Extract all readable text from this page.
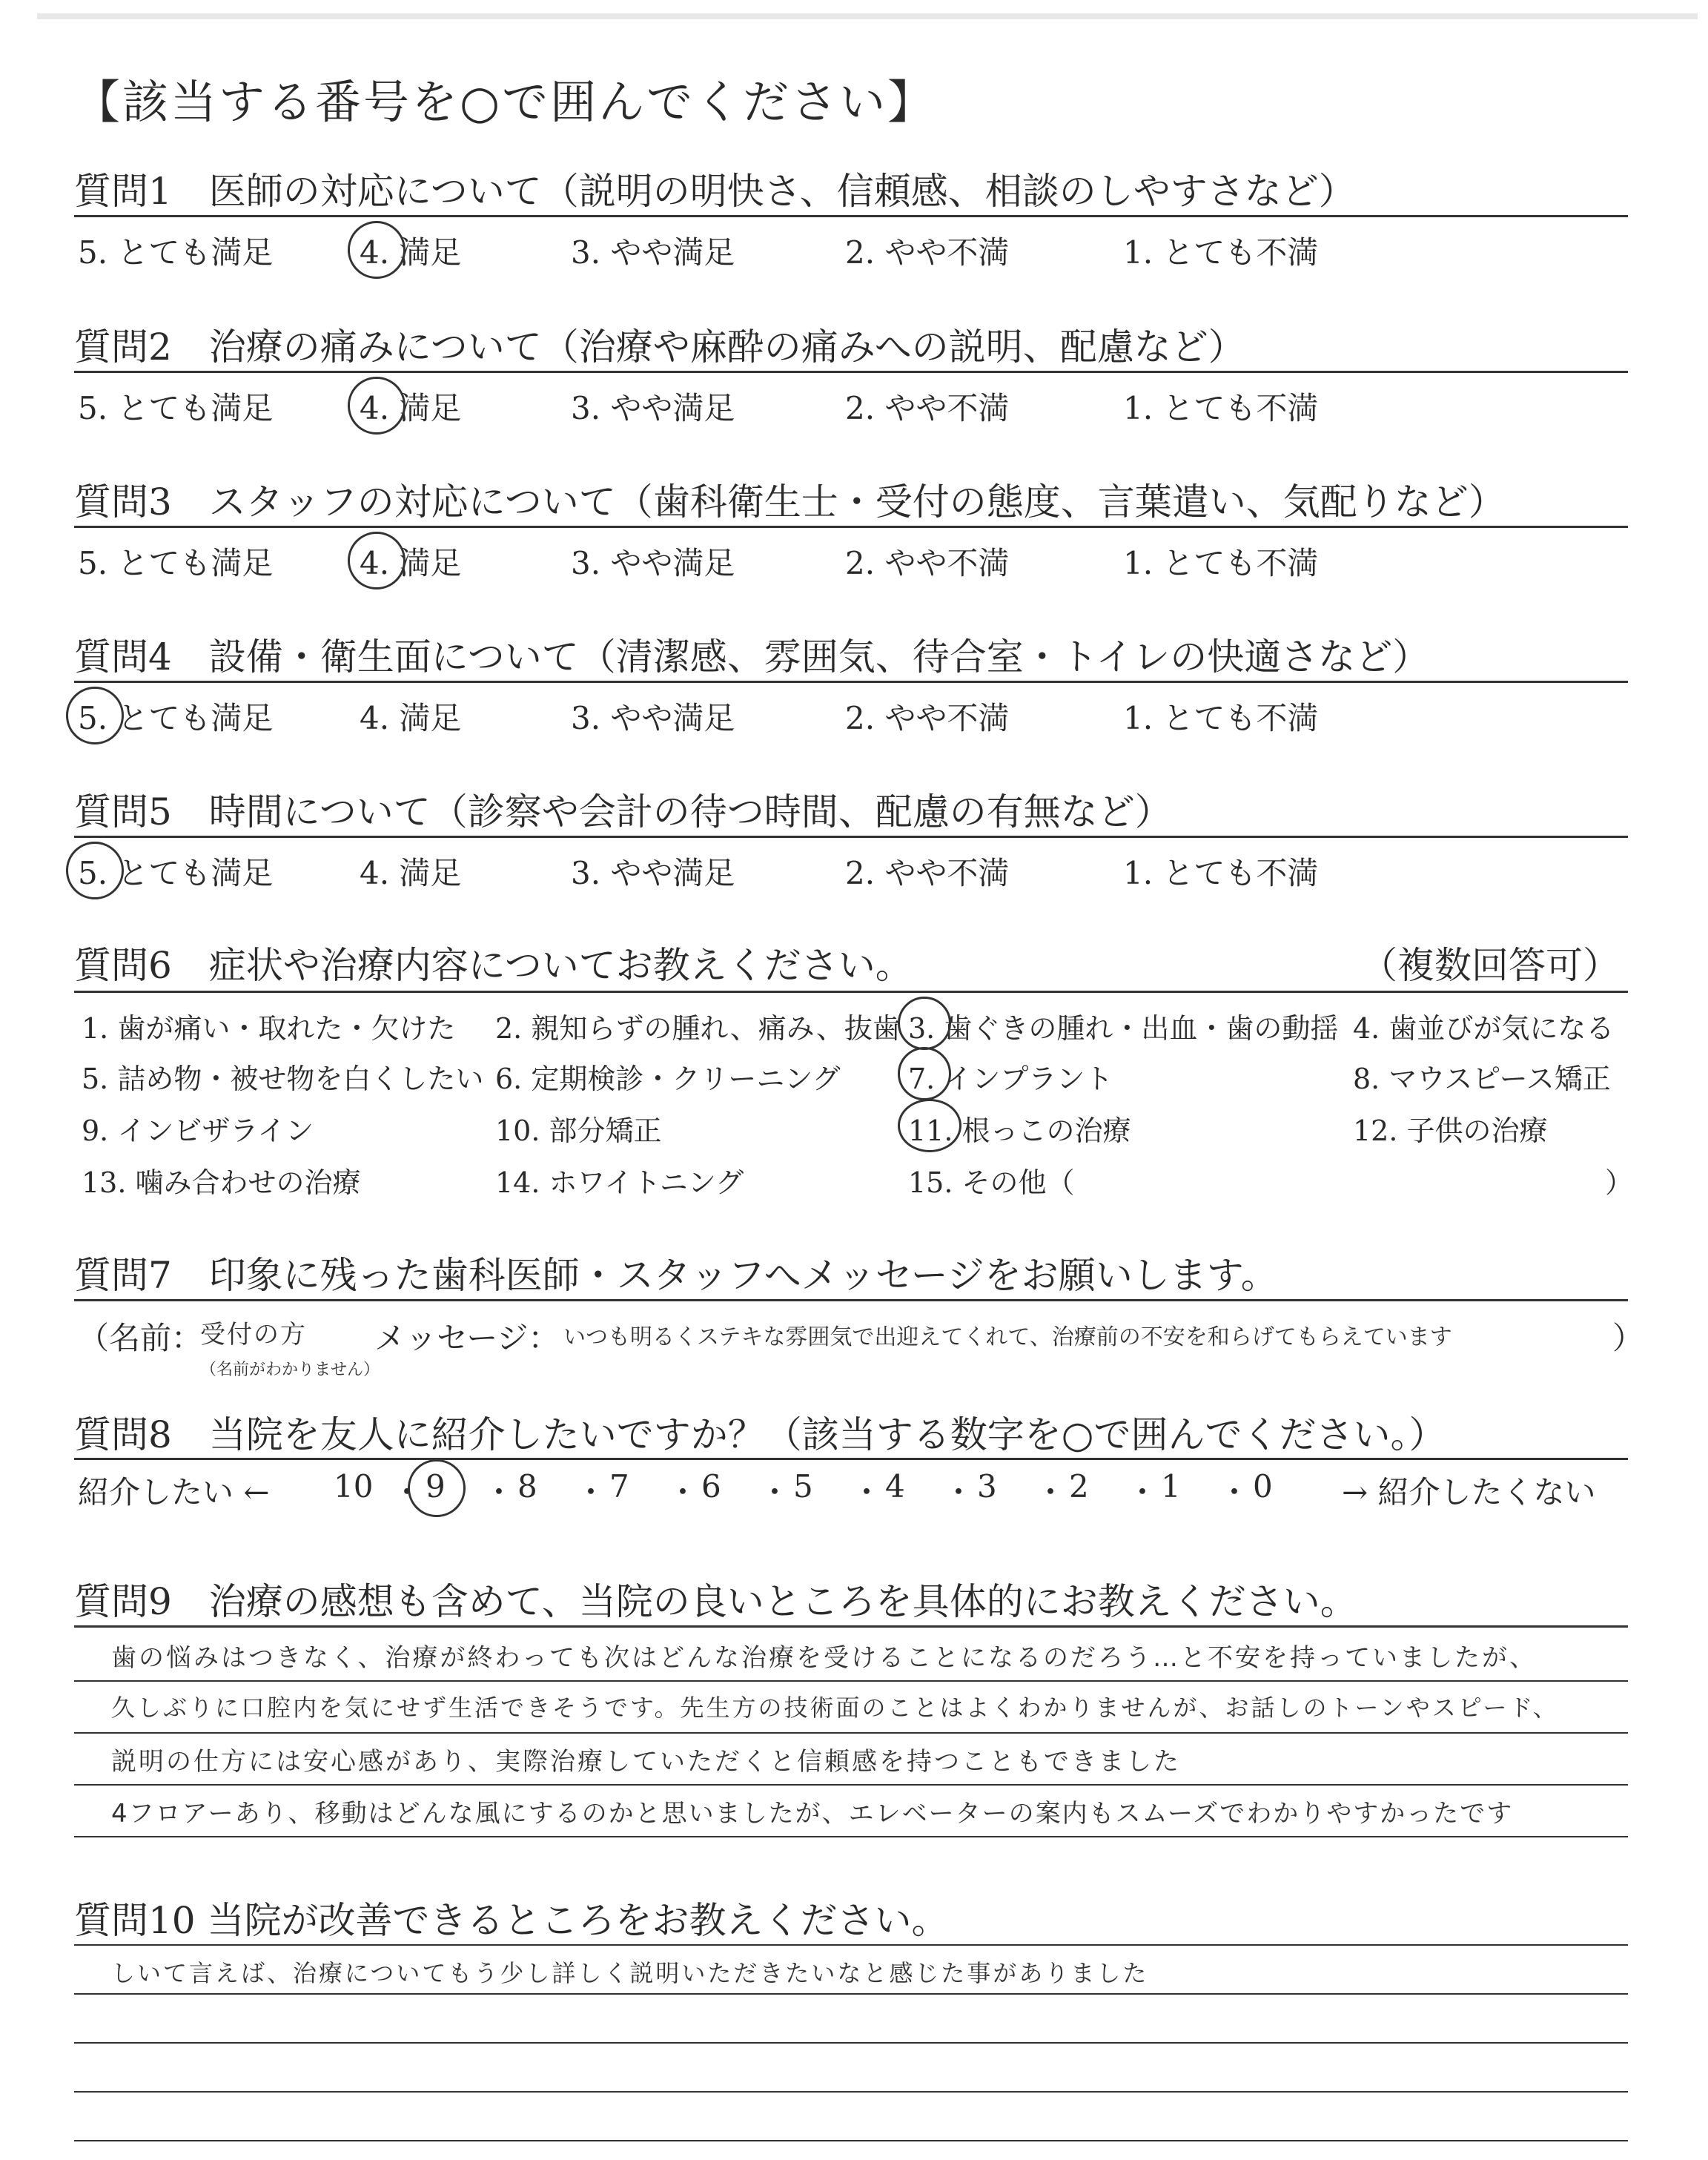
【該当する番号を○で囲んでください】
質問1　医師の対応について（説明の明快さ、信頼感、相談のしやすさなど）
5. とても満足	4. 満足	3. やや満足	2. やや不満	1. とても不満
質問2　治療の痛みについて（治療や麻酔の痛みへの説明、配慮など）
5. とても満足	4. 満足	3. やや満足	2. やや不満	1. とても不満
質問3　スタッフの対応について（歯科衛生士・受付の態度、言葉遣い、気配りなど）
5. とても満足	4. 満足	3. やや満足	2. やや不満	1. とても不満
質問4　設備・衛生面について（清潔感、雰囲気、待合室・トイレの快適さなど）
5. とても満足	4. 満足	3. やや満足	2. やや不満	1. とても不満
質問5　時間について（診察や会計の待つ時間、配慮の有無など）
5. とても満足	4. 満足	3. やや満足	2. やや不満	1. とても不満
質問6　症状や治療内容についてお教えください。	（複数回答可）
1. 歯が痛い・取れた・欠けた 2. 親知らずの腫れ、痛み、抜歯 3. 歯ぐきの腫れ・出血・歯の動揺 4. 歯並びが気になる
5. 詰め物・被せ物を白くしたい 6. 定期検診・クリーニング 7. インプラント	8. マウスピース矯正
9. インビザライン	10. 部分矯正	11. 根っこの治療	12. 子供の治療
13. 噛み合わせの治療	14. ホワイトニング	15. その他（	）
質問7　印象に残った歯科医師・スタッフへメッセージをお願いします。
（名前：
受付の方
（名前がわかりません）
メッセージ： いつも明るくステキな雰囲気で出迎えてくれて、治療前の不安を和らげてもらえています	）
質問8　当院を友人に紹介したいですか？（該当する数字を○で囲んでください。）
紹介したい ← 10 ・ 9 ・ 8 ・ 7 ・ 6 ・ 5 ・ 4 ・ 3 ・ 2 ・ 1 ・ 0 → 紹介したくない
質問9　治療の感想も含めて、当院の良いところを具体的にお教えください。
歯の悩みはつきなく、治療が終わっても次はどんな治療を受けることになるのだろう…と不安を持っていましたが、
久しぶりに口腔内を気にせず生活できそうです。先生方の技術面のことはよくわかりませんが、お話しのトーンやスピード、
説明の仕方には安心感があり、実際治療していただくと信頼感を持つこともできました
4フロアーあり、移動はどんな風にするのかと思いましたが、エレベーターの案内もスムーズでわかりやすかったです
質問10 当院が改善できるところをお教えください。
しいて言えば、治療についてもう少し詳しく説明いただきたいなと感じた事がありました
